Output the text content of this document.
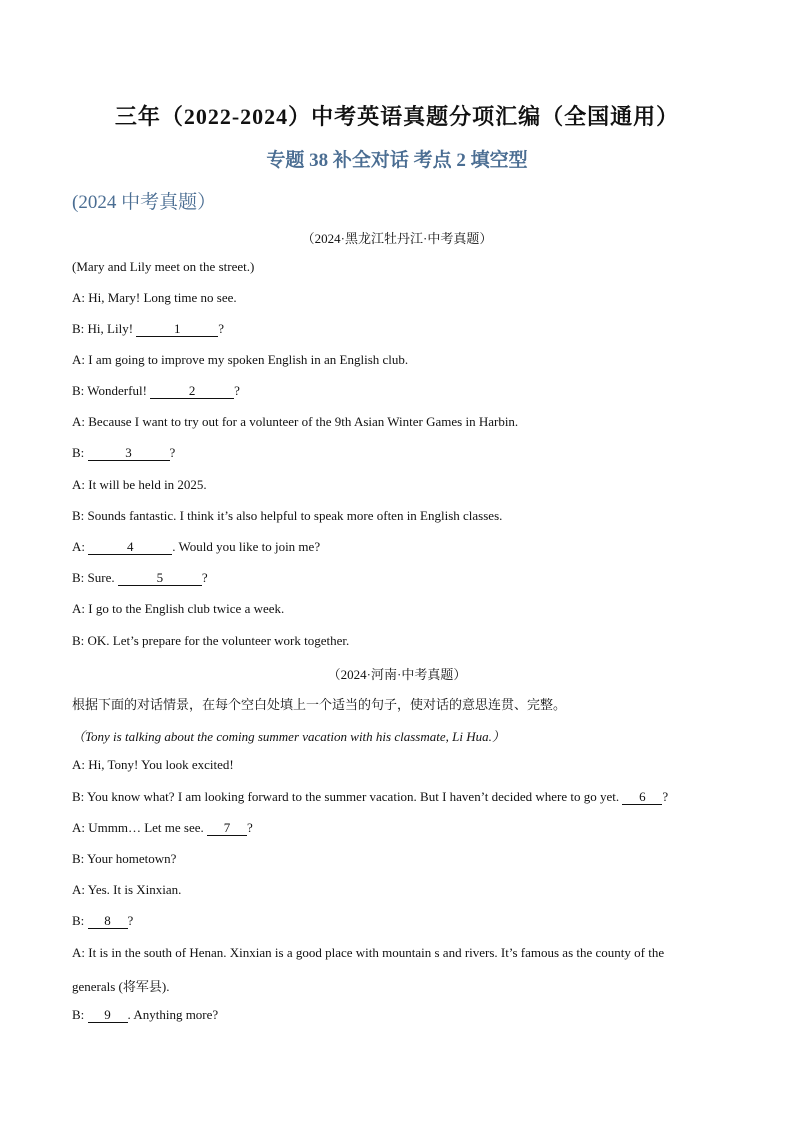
三年（2022-2024）中考英语真题分项汇编（全国通用）
专题 38 补全对话 考点 2 填空型
(2024 中考真题）
（2024·黑龙江牡丹江·中考真题）
(Mary and Lily meet on the street.)
A: Hi, Mary! Long time no see.
B: Hi, Lily!	1	?
A: I am going to improve my spoken English in an English club.
B: Wonderful!	2	?
A: Because I want to try out for a volunteer of the 9th Asian Winter Games in Harbin.
B:	3	?
A: It will be held in 2025.
B: Sounds fantastic. I think it’s also helpful to speak more often in English classes.
A:	4	. Would you like to join me?
B: Sure.	5	?
A: I go to the English club twice a week.
B: OK. Let’s prepare for the volunteer work together.
（2024·河南·中考真题）
根据下面的对话情景，在每个空白处填上一个适当的句子，使对话的意思连贯、完整。
（Tony is talking about the coming summer vacation with his classmate, Li Hua.）
A: Hi, Tony! You look excited!
B: You know what? I am looking forward to the summer vacation. But I haven’t decided where to go yet. 6 ?
A: Ummm… Let me see. 7 ?
B: Your hometown?
A: Yes. It is Xinxian.
B: 8 ?
A: It is in the south of Henan. Xinxian is a good place with mountain s and rivers. It’s famous as the county of the
generals (将军县).
B: 9 . Anything more?
